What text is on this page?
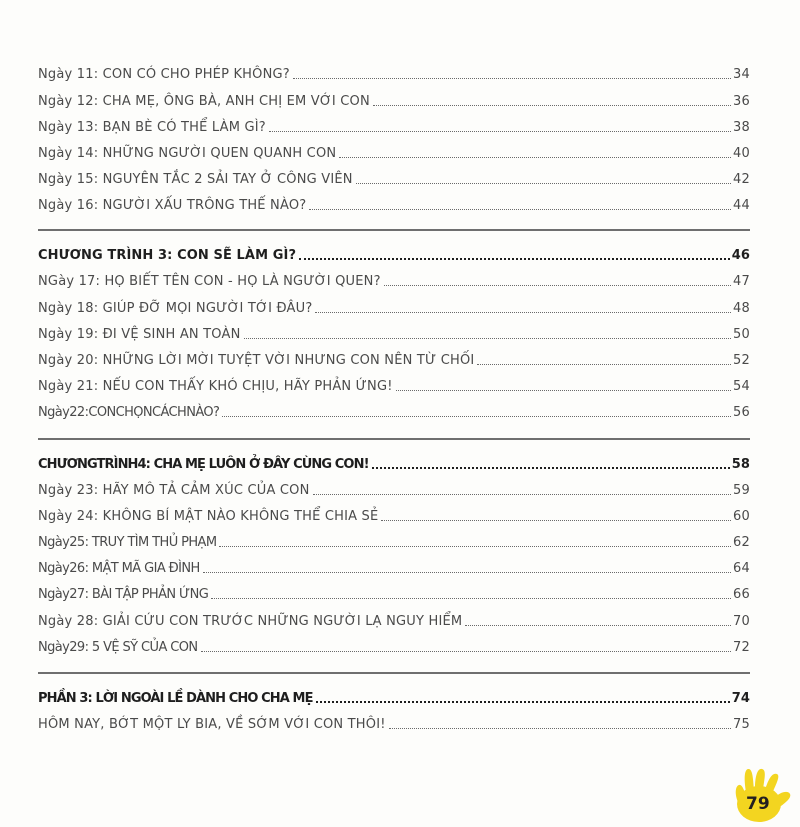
Ngày 11: CON CÓ CHO PHÉP KHÔNG?	34
Ngày 12: CHA MẸ, ÔNG BÀ, ANH CHỊ EM VỚI CON	36
Ngày 13: BẠN BÈ CÓ THỂ LÀM GÌ?	38
Ngày 14: NHỮNG NGƯỜI QUEN QUANH CON	40
Ngày 15: NGUYÊN TẮC 2 SẢI TAY Ở CÔNG VIÊN	42
Ngày 16: NGƯỜI XẤU TRÔNG THẾ NÀO?	44
CHƯƠNG TRÌNH 3: CON SẼ LÀM GÌ?	46
NGày 17: HỌ BIẾT TÊN CON - HỌ LÀ NGƯỜI QUEN?	47
Ngày 18: GIÚP ĐỠ MỌI NGƯỜI TỚI ĐÂU?	48
Ngày 19: ĐI VỆ SINH AN TOÀN	50
Ngày 20: NHỮNG LỜI MỜI TUYỆT VỜI NHƯNG CON NÊN TỪ CHỐI	52
Ngày 21: NẾU CON THẤY KHÓ CHỊU, HÃY PHẢN ỨNG!	54
Ngày22:CONCHỌNCÁCHNÀO?	56
CHƯƠNGTRÌNH4: CHA MẸ LUÔN Ở ĐÂY CÙNG CON!	58
Ngày 23: HÃY MÔ TẢ CẢM XÚC CỦA CON	59
Ngày 24: KHÔNG BÍ MẬT NÀO KHÔNG THỂ CHIA SẺ	60
Ngày25: TRUY TÌM THỦ PHẠM	62
Ngày26: MẬT MÃ GIA ĐÌNH	64
Ngày27: BÀI TẬP PHẢN ỨNG	66
Ngày 28: GIẢI CỨU CON TRƯỚC NHỮNG NGƯỜI LẠ NGUY HIỂM	70
Ngày29: 5 VỆ SỸ CỦA CON	72
PHẦN 3: LỜI NGOÀI LỀ DÀNH CHO CHA MẸ	74
HÔM NAY, BỚT MỘT LY BIA, VỀ SỚM VỚI CON THÔI!	75
79
